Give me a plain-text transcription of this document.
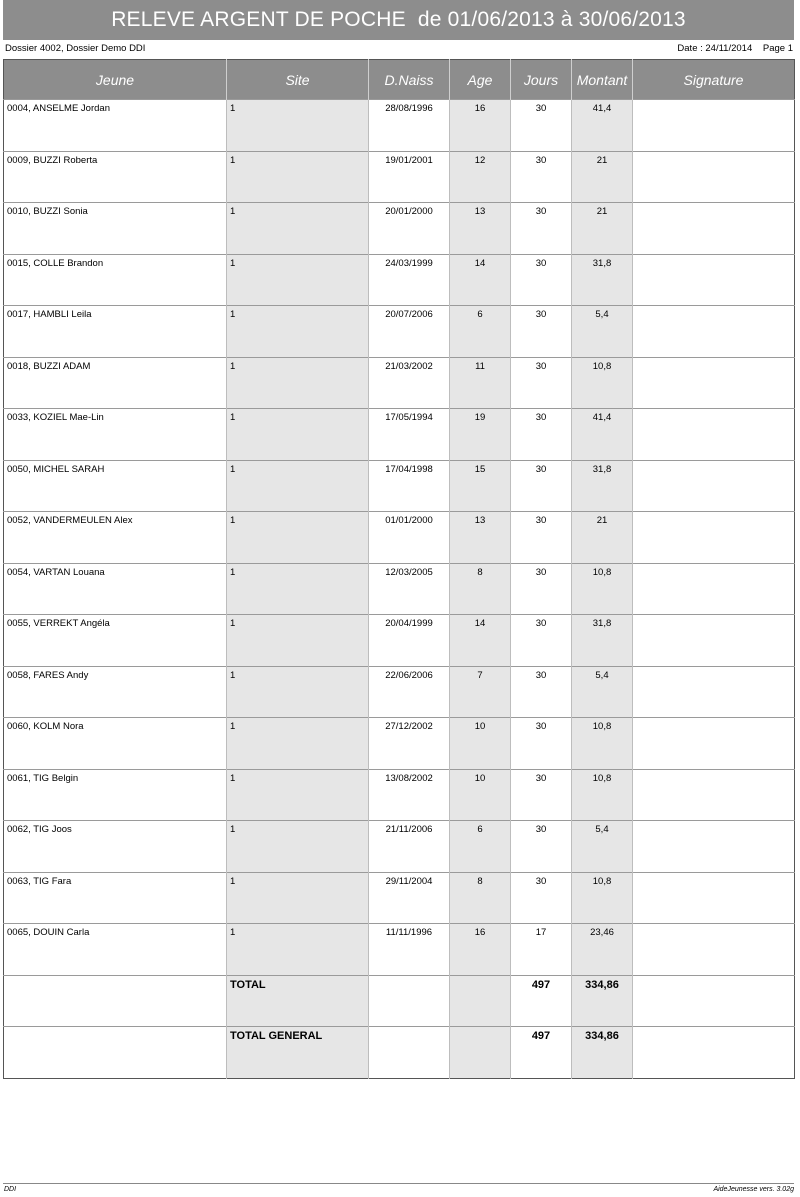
RELEVE ARGENT DE POCHE  de 01/06/2013 à 30/06/2013
Dossier 4002, Dossier Demo DDI	Date : 24/11/2014 Page 1
Jeune	Site	D.Naiss	Age	Jours	Montant	Signature

0004, ANSELME Jordan	1	28/08/1996	16	30	41,4	

0009, BUZZI Roberta	1	19/01/2001	12	30	21	

0010, BUZZI Sonia	1	20/01/2000	13	30	21	

0015, COLLE Brandon	1	24/03/1999	14	30	31,8	

0017, HAMBLI Leila	1	20/07/2006	6	30	5,4	

0018, BUZZI ADAM	1	21/03/2002	11	30	10,8	

0033, KOZIEL Mae-Lin	1	17/05/1994	19	30	41,4	

0050, MICHEL SARAH	1	17/04/1998	15	30	31,8	

0052, VANDERMEULEN Alex	1	01/01/2000	13	30	21	

0054, VARTAN Louana	1	12/03/2005	8	30	10,8	

0055, VERREKT Angéla	1	20/04/1999	14	30	31,8	

0058, FARES Andy	1	22/06/2006	7	30	5,4	

0060, KOLM Nora	1	27/12/2002	10	30	10,8	

0061, TIG Belgin	1	13/08/2002	10	30	10,8	

0062, TIG Joos	1	21/11/2006	6	30	5,4	

0063, TIG Fara	1	29/11/2004	8	30	10,8	

0065, DOUIN Carla	1	11/11/1996	16	17	23,46	

	TOTAL			497	334,86	

	TOTAL GENERAL			497	334,86	

DDI	AideJeunesse vers. 3.02g
